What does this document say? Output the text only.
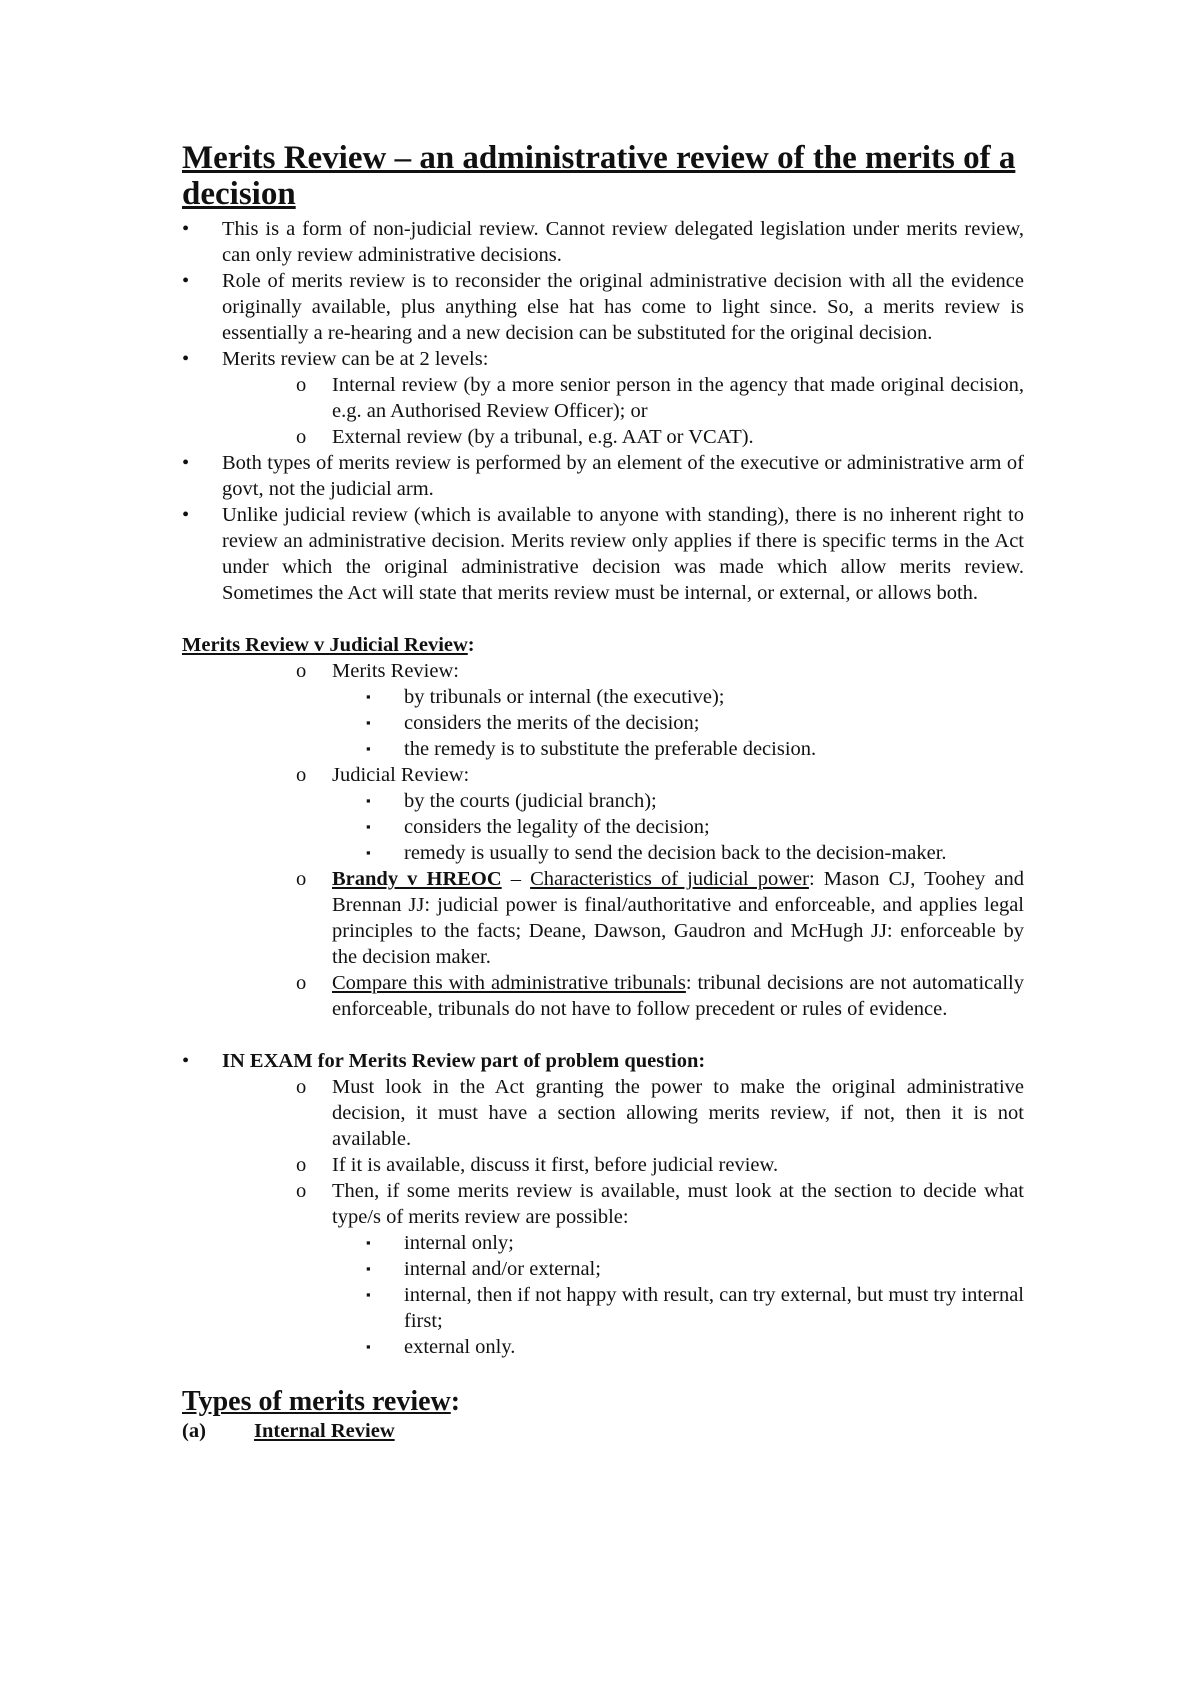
Merits Review – an administrative review of the merits of a decision
•	This is a form of non-judicial review. Cannot review delegated legislation under merits review, can only review administrative decisions.
•	Role of merits review is to reconsider the original administrative decision with all the evidence originally available, plus anything else hat has come to light since. So, a merits review is essentially a re-hearing and a new decision can be substituted for the original decision.
•	Merits review can be at 2 levels:
o Internal review (by a more senior person in the agency that made original decision, e.g. an Authorised Review Officer); or
o External review (by a tribunal, e.g. AAT or VCAT).
•	Both types of merits review is performed by an element of the executive or administrative arm of govt, not the judicial arm.
•	Unlike judicial review (which is available to anyone with standing), there is no inherent right to review an administrative decision. Merits review only applies if there is specific terms in the Act under which the original administrative decision was made which allow merits review. Sometimes the Act will state that merits review must be internal, or external, or allows both.
Merits Review v Judicial Review:
o Merits Review:
▪ by tribunals or internal (the executive);
▪ considers the merits of the decision;
▪ the remedy is to substitute the preferable decision.
o Judicial Review:
▪ by the courts (judicial branch);
▪ considers the legality of the decision;
▪ remedy is usually to send the decision back to the decision-maker.
o Brandy v HREOC – Characteristics of judicial power: Mason CJ, Toohey and Brennan JJ: judicial power is final/authoritative and enforceable, and applies legal principles to the facts; Deane, Dawson, Gaudron and McHugh JJ: enforceable by the decision maker.
o Compare this with administrative tribunals: tribunal decisions are not automatically enforceable, tribunals do not have to follow precedent or rules of evidence.
•	IN EXAM for Merits Review part of problem question:
o Must look in the Act granting the power to make the original administrative decision, it must have a section allowing merits review, if not, then it is not available.
o If it is available, discuss it first, before judicial review.
o Then, if some merits review is available, must look at the section to decide what type/s of merits review are possible:
▪ internal only;
▪ internal and/or external;
▪ internal, then if not happy with result, can try external, but must try internal first;
▪ external only.
Types of merits review:
(a) Internal Review
